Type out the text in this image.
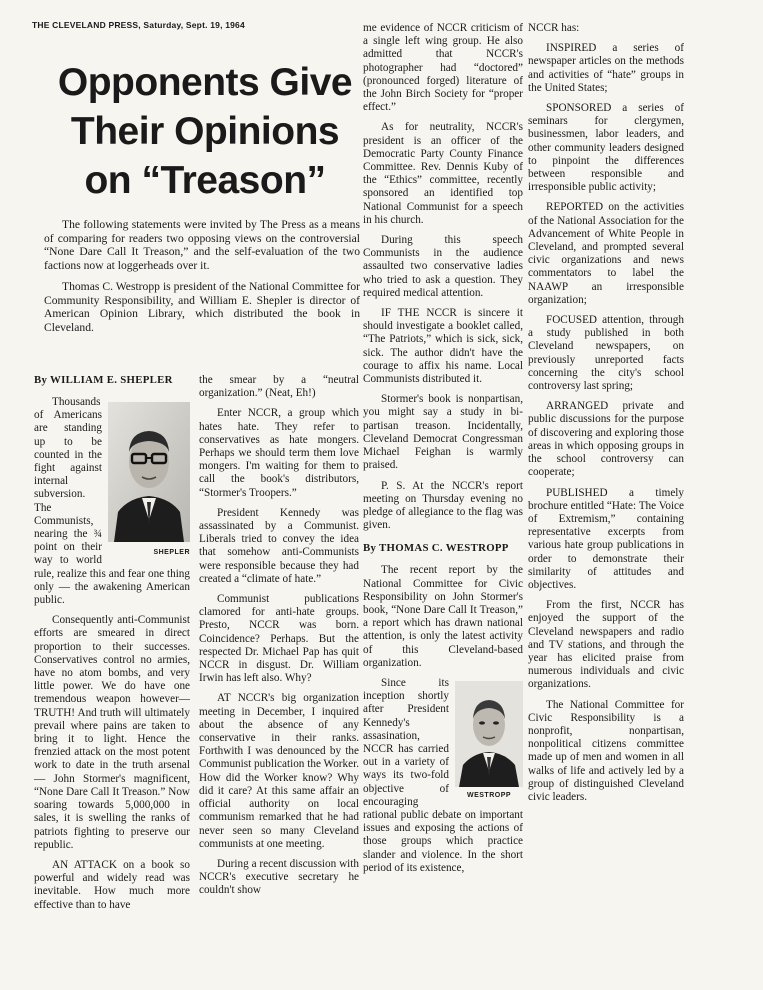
THE CLEVELAND PRESS, Saturday, Sept. 19, 1964
Opponents Give
Their Opinions
on “Treason”

The following statements were invited by The Press as a means of comparing for readers two opposing views on the controversial “None Dare Call It Treason,” and the self-evaluation of the two factions now at loggerheads over it.

Thomas C. Westropp is president of the National Committee for Community Responsibility, and William E. Shepler is director of American Opinion Library, which distributed the book in Cleveland.

By WILLIAM E. SHEPLER
SHEPLER

Thousands of Americans are standing up to be counted in the fight against internal subversion. The Communists, nearing the ¾ point on their way to world rule, realize this and fear one thing only — the awakening American public.

Consequently anti-Communist efforts are smeared in direct proportion to their successes. Conservatives control no armies, have no atom bombs, and very little power. We do have one tremendous weapon however—TRUTH! And truth will ultimately prevail where pains are taken to bring it to light. Hence the frenzied attack on the most potent work to date in the truth arsenal — John Stormer's magnificent, “None Dare Call It Treason.” Now soaring towards 5,000,000 in sales, it is swelling the ranks of patriots fighting to preserve our republic.

AN ATTACK on a book so powerful and widely read was inevitable. How much more effective than to have

the smear by a “neutral organization.” (Neat, Eh!)

Enter NCCR, a group which hates hate. They refer to conservatives as hate mongers. Perhaps we should term them love mongers. I'm waiting for them to call the book's distributors, “Stormer's Troopers.”

President Kennedy was assassinated by a Communist. Liberals tried to convey the idea that somehow anti-Communists were responsible because they had created a “climate of hate.”

Communist publications clamored for anti-hate groups. Presto, NCCR was born. Coincidence? Perhaps. But the respected Dr. Michael Pap has quit NCCR in disgust. Dr. William Irwin has left also. Why?

AT NCCR's big organization meeting in December, I inquired about the absence of any conservative in their ranks. Forthwith I was denounced by the Communist publication the Worker. How did the Worker know? Why did it care? At this same affair an official authority on local communism remarked that he had never seen so many Cleveland communists at one meeting.

During a recent discussion with NCCR's executive secretary he couldn't show

me evidence of NCCR criticism of a single left wing group. He also admitted that NCCR's photographer had “doctored” (pronounced forged) literature of the John Birch Society for “proper effect.”

As for neutrality, NCCR's president is an officer of the Democratic Party County Finance Committee. Rev. Dennis Kuby of the “Ethics” committee, recently sponsored an identified top National Communist for a speech in his church.

During this speech Communists in the audience assaulted two conservative ladies who tried to ask a question. They required medical attention.

IF THE NCCR is sincere it should investigate a booklet called, “The Patriots,” which is sick, sick, sick. The author didn't have the courage to affix his name. Local Communists distributed it.

Stormer's book is nonpartisan, you might say a study in bi-partisan treason. Incidentally, Cleveland Democrat Congressman Michael Feighan is warmly praised.

P. S. At the NCCR's report meeting on Thursday evening no pledge of allegiance to the flag was given.

By THOMAS C. WESTROPP

The recent report by the National Committee for Civic Responsibility on John Stormer's book, “None Dare Call It Treason,” a report which has drawn national attention, is only the latest activity of this Cleveland-based organization.

WESTROPP

Since its inception shortly after President Kennedy's assasination, NCCR has carried out in a variety of ways its two-fold objective of encouraging rational public debate on important issues and exposing the actions of those groups which practice slander and violence. In the short period of its existence,

NCCR has:

INSPIRED a series of newspaper articles on the methods and activities of “hate” groups in the United States;

SPONSORED a series of seminars for clergymen, businessmen, labor leaders, and other community leaders designed to pinpoint the differences between responsible and irresponsible public activity;

REPORTED on the activities of the National Association for the Advancement of White People in Cleveland, and prompted several civic organizations and news commentators to label the NAAWP an irresponsible organization;

FOCUSED attention, through a study published in both Cleveland newspapers, on previously unreported facts concerning the city's school controversy last spring;

ARRANGED private and public discussions for the purpose of discovering and exploring those areas in which opposing groups in the school controversy can cooperate;

PUBLISHED a timely brochure entitled “Hate: The Voice of Extremism,” containing representative excerpts from various hate group publications in order to demonstrate their similarity of attitudes and objectives.

From the first, NCCR has enjoyed the support of the Cleveland newspapers and radio and TV stations, and through the year has elicited praise from numerous individuals and civic organizations.

The National Committee for Civic Responsibility is a nonprofit, nonpartisan, nonpolitical citizens committee made up of men and women in all walks of life and actively led by a group of distinguished Cleveland civic leaders.
